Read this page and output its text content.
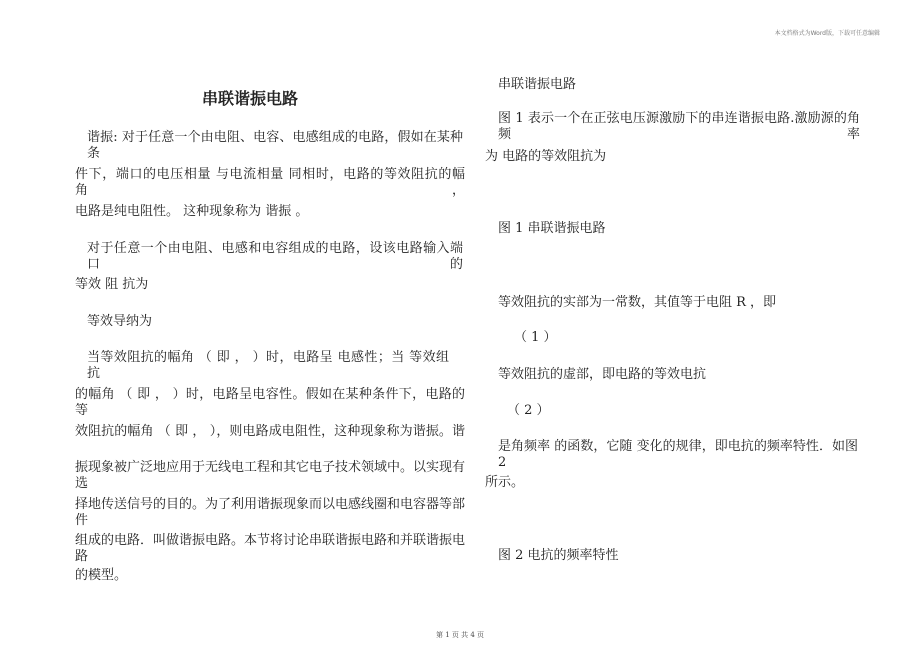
本文档格式为Word版，下载可任意编辑
串联谐振电路
谐振: 对于任意一个由电阻、电容、电感组成的电路，假如在某种条
件下，端口的电压相量 与电流相量 同相时，电路的等效阻抗的幅角，
电路是纯电阻性。 这种现象称为 谐振 。
对于任意一个由电阻、电感和电容组成的电路，设该电路输入端口的
等效 阻 抗为
等效导纳为
当等效阻抗的幅角 （ 即 ， ）时，电路呈 电感性；当 等效组抗
的幅角 （ 即 ， ）时，电路呈电容性。假如在某种条件下，电路的等
效阻抗的幅角 （ 即 ， ），则电路成电阻性，这种现象称为谐振。谐
振现象被广泛地应用于无线电工程和其它电子技术领域中。以实现有选
择地传送信号的目的。为了利用谐振现象而以电感线圈和电容器等部件
组成的电路．叫做谐振电路。本节将讨论串联谐振电路和并联谐振电路
的模型。
串联谐振电路
图 1 表示一个在正弦电压源激励下的串连谐振电路.激励源的角频率
为 电路的等效阻抗为
图 1 串联谐振电路
等效阻抗的实部为一常数，其值等于电阻 R ，即
（ 1 ）
等效阻抗的虚部，即电路的等效电抗
（ 2 ）
是角频率 的函数，它随 变化的规律，即电抗的频率特性．如图 2
所示。
图 2 电抗的频率特性
第 1 页 共 4 页
